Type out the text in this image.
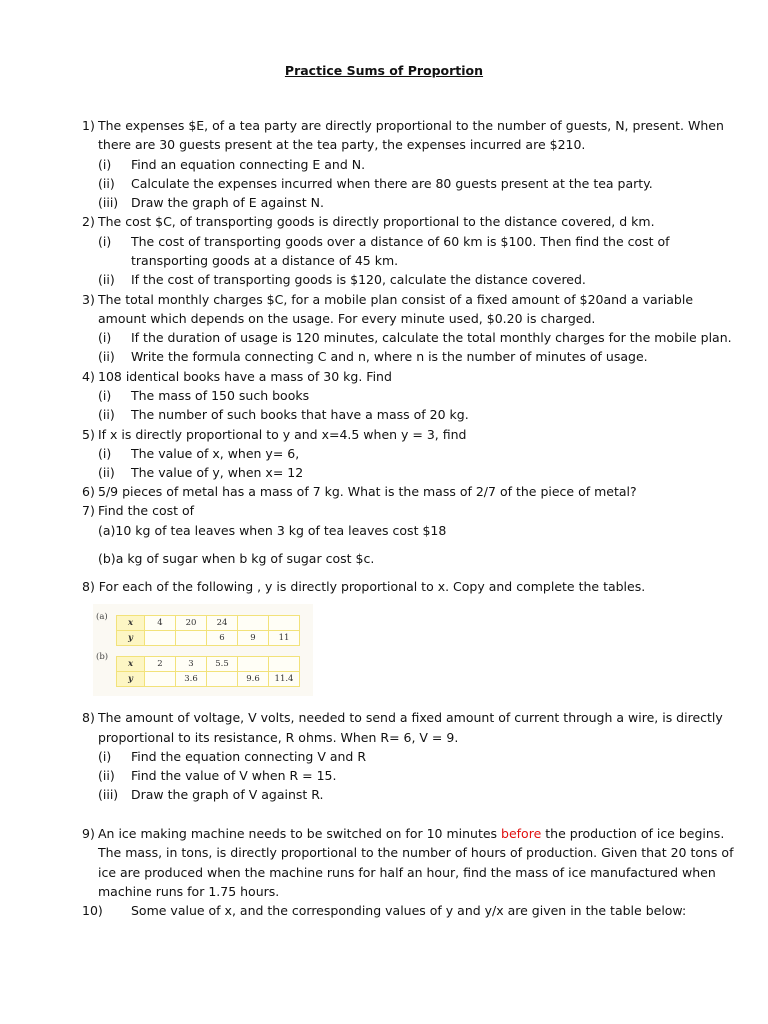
Practice Sums of Proportion
1) The expenses $E, of a tea party are directly proportional to the number of guests, N, present. When
there are 30 guests present at the tea party, the expenses incurred are $210.
(i) Find an equation connecting E and N.
(ii) Calculate the expenses incurred when there are 80 guests present at the tea party.
(iii) Draw the graph of E against N.
2) The cost $C, of transporting goods is directly proportional to the distance covered, d km.
(i) The cost of transporting goods over a distance of 60 km is $100. Then find the cost of
transporting goods at a distance of 45 km.
(ii) If the cost of transporting goods is $120, calculate the distance covered.
3) The total monthly charges $C, for a mobile plan consist of a fixed amount of $20and a variable
amount which depends on the usage. For every minute used, $0.20 is charged.
(i) If the duration of usage is 120 minutes, calculate the total monthly charges for the mobile plan.
(ii) Write the formula connecting C and n, where n is the number of minutes of usage.
4) 108 identical books have a mass of 30 kg. Find
(i) The mass of 150 such books
(ii) The number of such books that have a mass of 20 kg.
5) If x is directly proportional to y and x=4.5 when y = 3, find
(i) The value of x, when y= 6,
(ii) The value of y, when x= 12
6) 5/9 pieces of metal has a mass of 7 kg. What is the mass of 2/7 of the piece of metal?
7) Find the cost of
(a)10 kg of tea leaves when 3 kg of tea leaves cost $18
(b)a kg of sugar when b kg of sugar cost $c.
8) For each of the following , y is directly proportional to x. Copy and complete the tables.
(a)
x	4	20	24		
y			6	9	11
(b)
x	2	3	5.5		
y		3.6		9.6	11.4
8) The amount of voltage, V volts, needed to send a fixed amount of current through a wire, is directly
proportional to its resistance, R ohms. When R= 6, V = 9.
(i) Find the equation connecting V and R
(ii) Find the value of V when R = 15.
(iii) Draw the graph of V against R.
9) An ice making machine needs to be switched on for 10 minutes before the production of ice begins.
The mass, in tons, is directly proportional to the number of hours of production. Given that 20 tons of
ice are produced when the machine runs for half an hour, find the mass of ice manufactured when
machine runs for 1.75 hours.
10) Some value of x, and the corresponding values of y and y/x are given in the table below:
